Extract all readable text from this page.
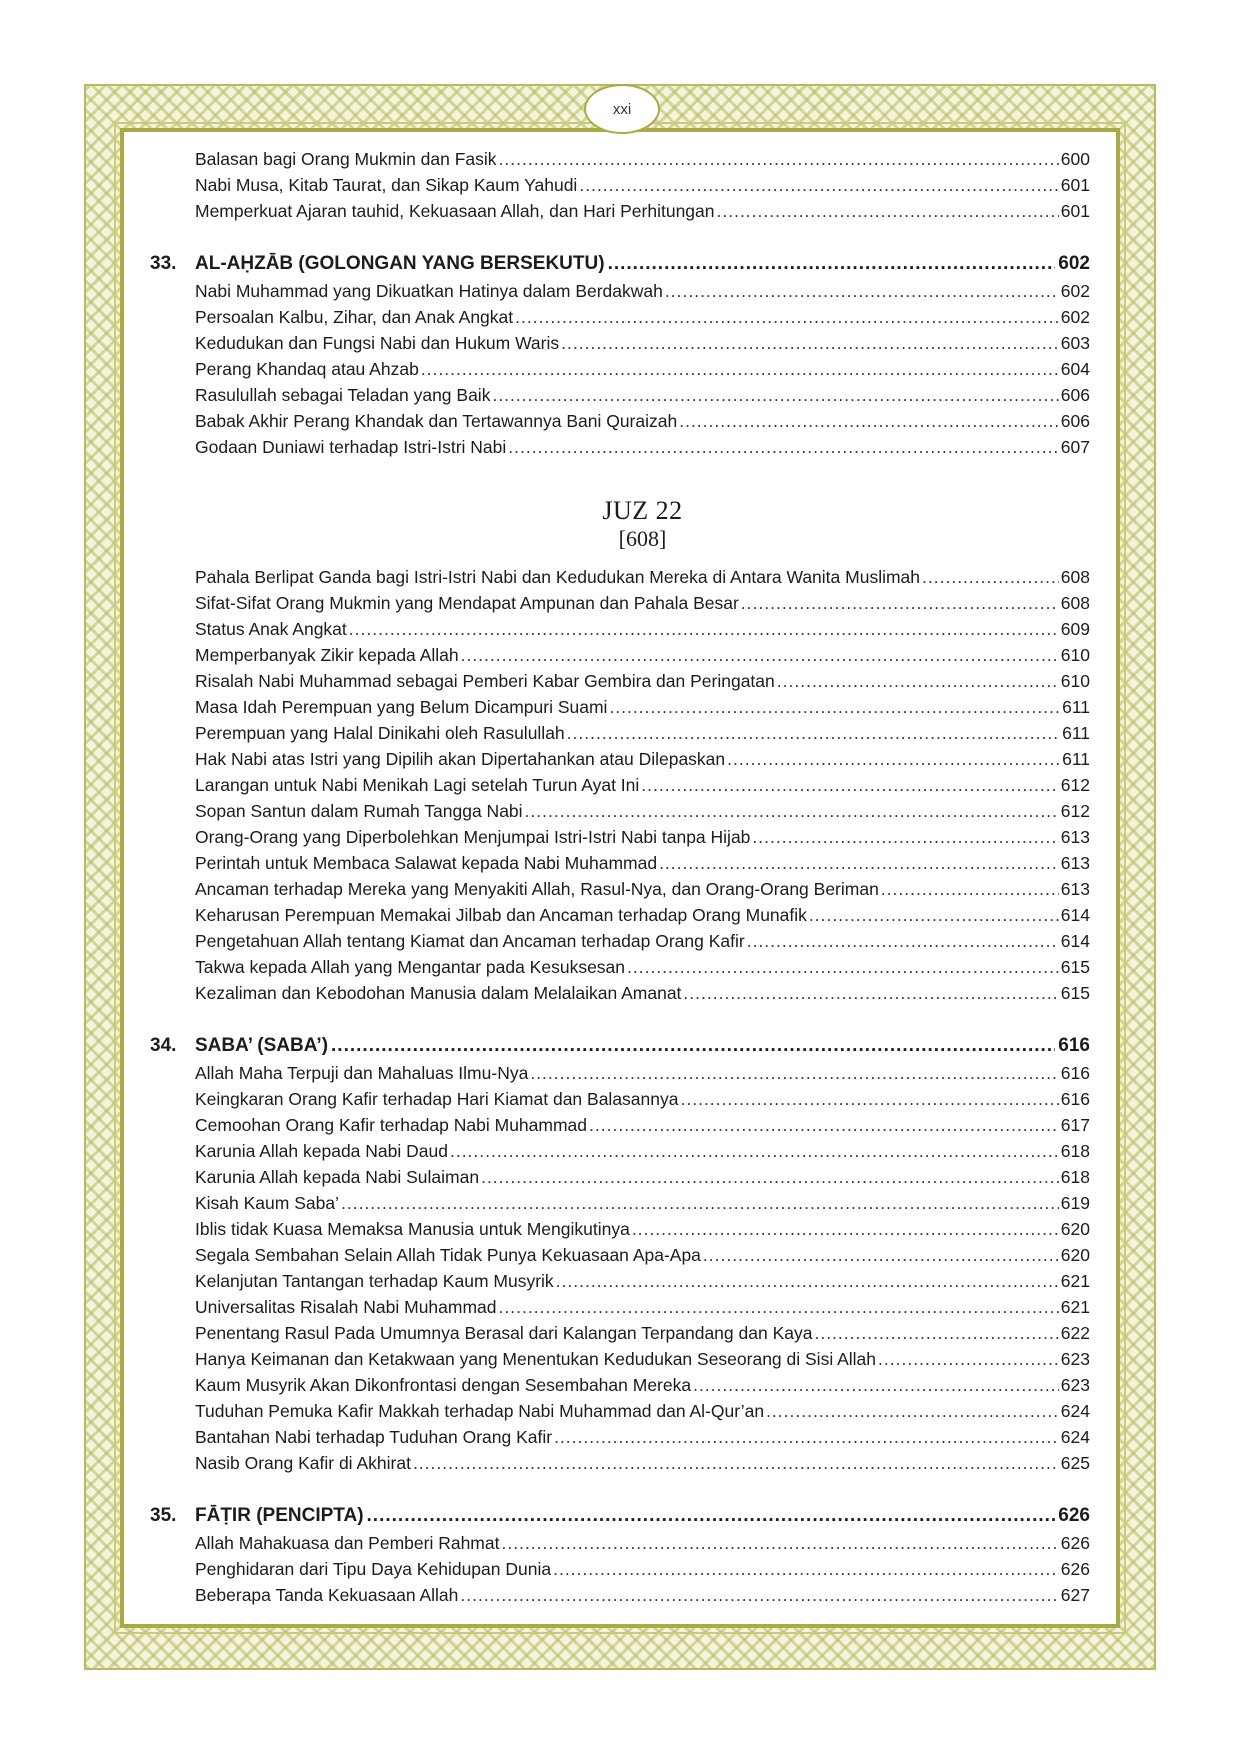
xxi
Balasan bagi Orang Mukmin dan Fasik .....	600
Nabi Musa, Kitab Taurat, dan Sikap Kaum Yahudi .....	601
Memperkuat Ajaran tauhid, Kekuasaan Allah, dan Hari Perhitungan .....	601
33. AL-AḤZĀB (GOLONGAN YANG BERSEKUTU) .....	602
Nabi Muhammad yang Dikuatkan Hatinya dalam Berdakwah .....	602
Persoalan Kalbu, Zihar, dan Anak Angkat .....	602
Kedudukan dan Fungsi Nabi dan Hukum Waris .....	603
Perang Khandaq atau Ahzab .....	604
Rasulullah sebagai Teladan yang Baik .....	606
Babak Akhir Perang Khandak dan Tertawannya Bani Quraizah .....	606
Godaan Duniawi terhadap Istri-Istri Nabi .....	607
JUZ 22
[608]
Pahala Berlipat Ganda bagi Istri-Istri Nabi dan Kedudukan Mereka di Antara Wanita Muslimah .....	608
Sifat-Sifat Orang Mukmin yang Mendapat Ampunan dan Pahala Besar .....	608
Status Anak Angkat .....	609
Memperbanyak Zikir kepada Allah .....	610
Risalah Nabi Muhammad sebagai Pemberi Kabar Gembira dan Peringatan .....	610
Masa Idah Perempuan yang Belum Dicampuri Suami .....	611
Perempuan yang Halal Dinikahi oleh Rasulullah .....	611
Hak Nabi atas Istri yang Dipilih akan Dipertahankan atau Dilepaskan .....	611
Larangan untuk Nabi Menikah Lagi setelah Turun Ayat Ini .....	612
Sopan Santun dalam Rumah Tangga Nabi .....	612
Orang-Orang yang Diperbolehkan Menjumpai Istri-Istri Nabi tanpa Hijab .....	613
Perintah untuk Membaca Salawat kepada Nabi Muhammad .....	613
Ancaman terhadap Mereka yang Menyakiti Allah, Rasul-Nya, dan Orang-Orang Beriman .....	613
Keharusan Perempuan Memakai Jilbab dan Ancaman terhadap Orang Munafik .....	614
Pengetahuan Allah tentang Kiamat dan Ancaman terhadap Orang Kafir .....	614
Takwa kepada Allah yang Mengantar pada Kesuksesan .....	615
Kezaliman dan Kebodohan Manusia dalam Melalaikan Amanat .....	615
34. SABA’ (SABA’) .....	616
Allah Maha Terpuji dan Mahaluas Ilmu-Nya .....	616
Keingkaran Orang Kafir terhadap Hari Kiamat dan Balasannya .....	616
Cemoohan Orang Kafir terhadap Nabi Muhammad .....	617
Karunia Allah kepada Nabi Daud .....	618
Karunia Allah kepada Nabi Sulaiman .....	618
Kisah Kaum Saba’ .....	619
Iblis tidak Kuasa Memaksa Manusia untuk Mengikutinya .....	620
Segala Sembahan Selain Allah Tidak Punya Kekuasaan Apa-Apa .....	620
Kelanjutan Tantangan terhadap Kaum Musyrik .....	621
Universalitas Risalah Nabi Muhammad .....	621
Penentang Rasul Pada Umumnya Berasal dari Kalangan Terpandang dan Kaya .....	622
Hanya Keimanan dan Ketakwaan yang Menentukan Kedudukan Seseorang di Sisi Allah .....	623
Kaum Musyrik Akan Dikonfrontasi dengan Sesembahan Mereka .....	623
Tuduhan Pemuka Kafir Makkah terhadap Nabi Muhammad dan Al-Qur’an .....	624
Bantahan Nabi terhadap Tuduhan Orang Kafir .....	624
Nasib Orang Kafir di Akhirat .....	625
35. FĀṬIR (PENCIPTA) .....	626
Allah Mahakuasa dan Pemberi Rahmat .....	626
Penghidaran dari Tipu Daya Kehidupan Dunia .....	626
Beberapa Tanda Kekuasaan Allah .....	627
